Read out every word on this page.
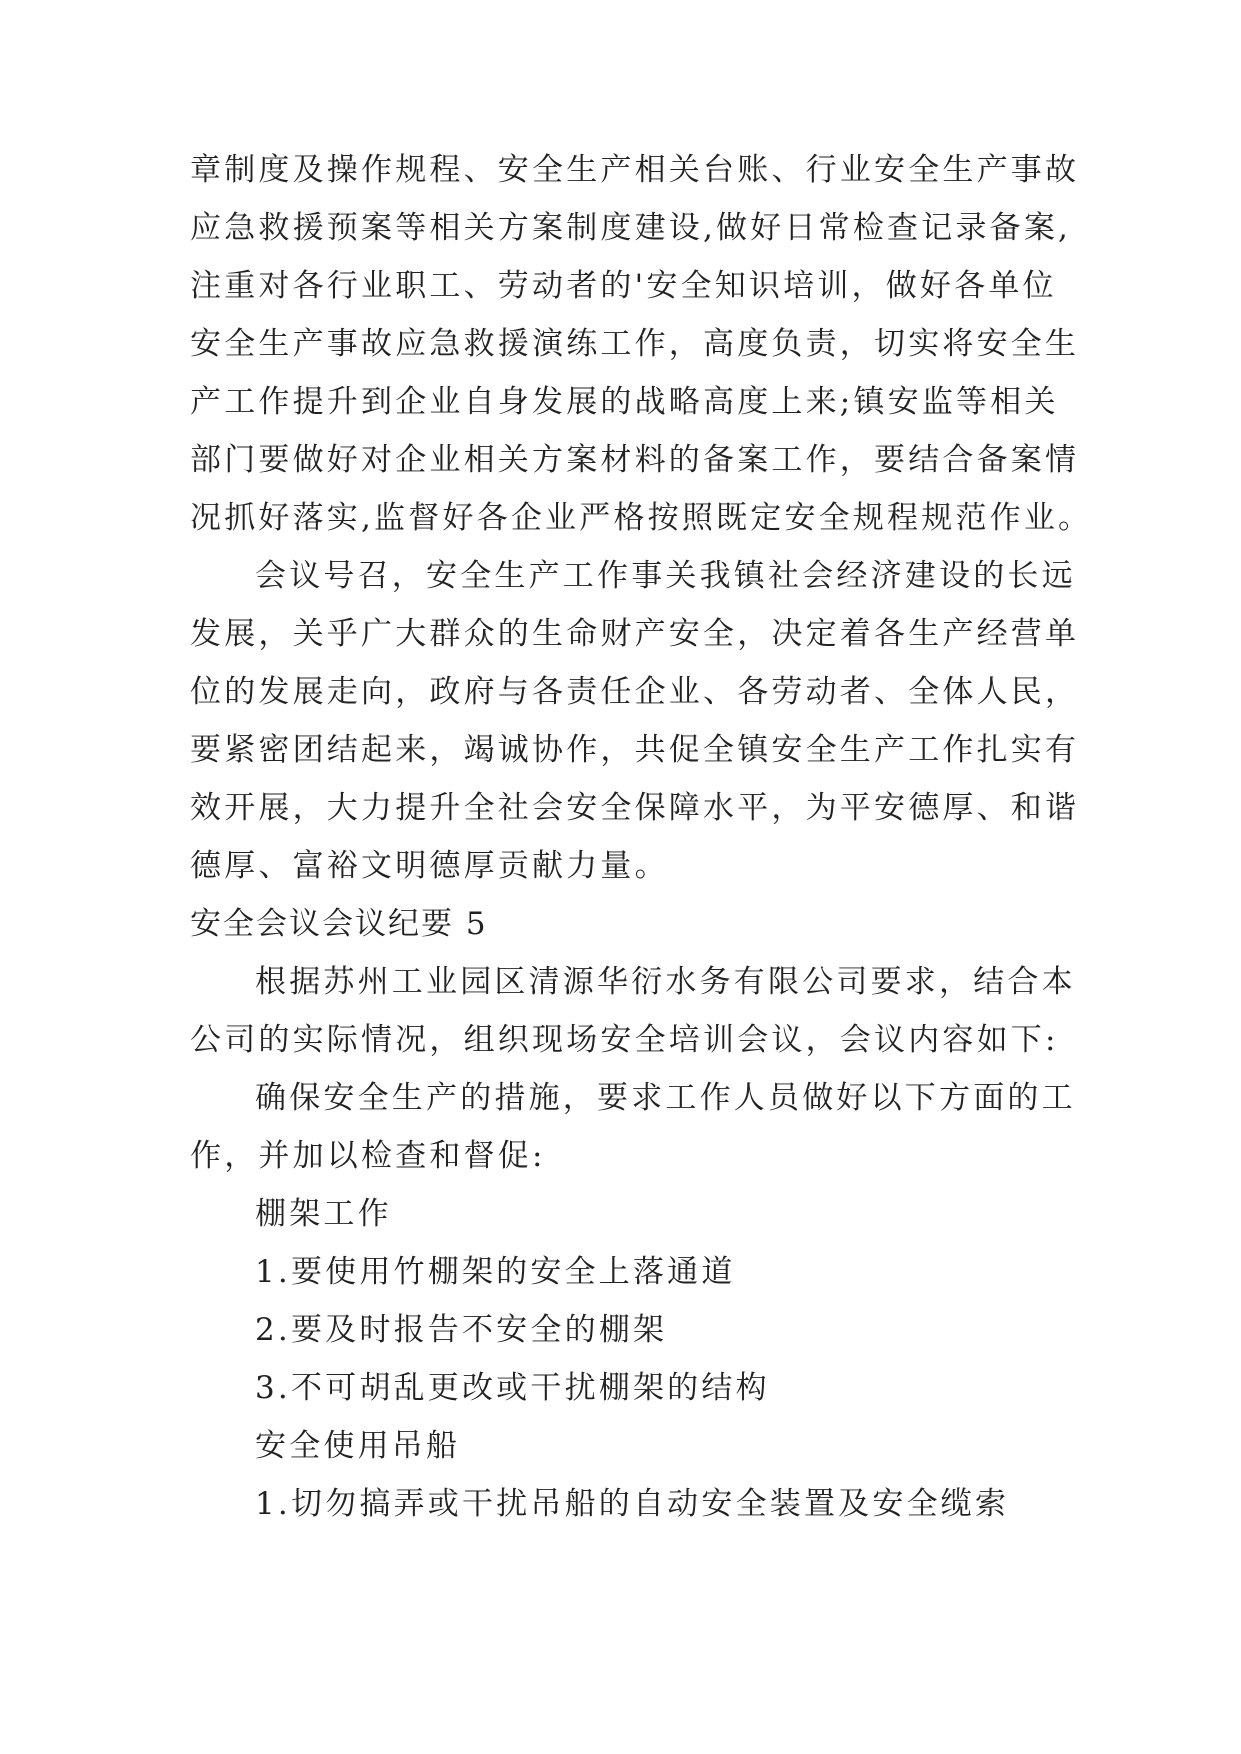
章制度及操作规程、安全生产相关台账、行业安全生产事故
应急救援预案等相关方案制度建设,做好日常检查记录备案,
注重对各行业职工、劳动者的'安全知识培训，做好各单位
安全生产事故应急救援演练工作，高度负责，切实将安全生
产工作提升到企业自身发展的战略高度上来;镇安监等相关
部门要做好对企业相关方案材料的备案工作，要结合备案情
况抓好落实,监督好各企业严格按照既定安全规程规范作业。
会议号召，安全生产工作事关我镇社会经济建设的长远
发展，关乎广大群众的生命财产安全，决定着各生产经营单
位的发展走向，政府与各责任企业、各劳动者、全体人民，
要紧密团结起来，竭诚协作，共促全镇安全生产工作扎实有
效开展，大力提升全社会安全保障水平，为平安德厚、和谐
德厚、富裕文明德厚贡献力量。
安全会议会议纪要 5
根据苏州工业园区清源华衍水务有限公司要求，结合本
公司的实际情况，组织现场安全培训会议，会议内容如下:
确保安全生产的措施，要求工作人员做好以下方面的工
作，并加以检查和督促:
棚架工作
1.要使用竹棚架的安全上落通道
2.要及时报告不安全的棚架
3.不可胡乱更改或干扰棚架的结构
安全使用吊船
1.切勿搞弄或干扰吊船的自动安全装置及安全缆索
